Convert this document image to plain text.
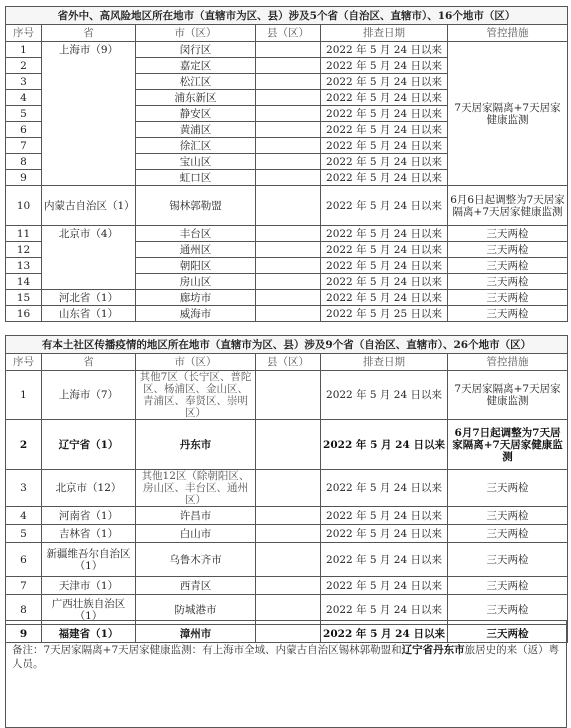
省外中、高风险地区所在地市（直辖市为区、县）涉及5个省（自治区、直辖市）、16个地市（区）					
序号	省	市（区）	县（区）	排查日期	管控措施
1	上海市（9）	闵行区		2022 年 5 月 24 日以来	7天居家隔离+7天居家健康监测
2		嘉定区		2022 年 5 月 24 日以来	
3		松江区		2022 年 5 月 24 日以来	
4		浦东新区		2022 年 5 月 24 日以来	
5		静安区		2022 年 5 月 24 日以来	
6		黄浦区		2022 年 5 月 24 日以来	
7		徐汇区		2022 年 5 月 24 日以来	
8		宝山区		2022 年 5 月 24 日以来	
9		虹口区		2022 年 5 月 24 日以来	
10	内蒙古自治区（1）	锡林郭勒盟		2022 年 5 月 24 日以来	6月6日起调整为7天居家隔离+7天居家健康监测
11	北京市（4）	丰台区		2022 年 5 月 24 日以来	三天两检
12		通州区		2022 年 5 月 24 日以来	三天两检
13		朝阳区		2022 年 5 月 24 日以来	三天两检
14		房山区		2022 年 5 月 24 日以来	三天两检
15	河北省（1）	廊坊市		2022 年 5 月 24 日以来	三天两检
16	山东省（1）	威海市		2022 年 5 月 25 日以来	三天两检
有本土社区传播疫情的地区所在地市（直辖市为区、县）涉及9个省（自治区、直辖市）、26个地市（区）					
序号	省	市（区）	县（区）	排查日期	管控措施
1	上海市（7）	其他7区（长宁区、普陀区、杨浦区、金山区、青浦区、奉贤区、崇明区）		2022 年 5 月 24 日以来	7天居家隔离+7天居家健康监测
2	辽宁省（1）	丹东市		2022 年 5 月 24 日以来	6月7日起调整为7天居家隔离+7天居家健康监测
3	北京市（12）	其他12区（除朝阳区、房山区、丰台区、通州区）		2022 年 5 月 24 日以来	三天两检
4	河南省（1）	许昌市		2022 年 5 月 24 日以来	三天两检
5	吉林省（1）	白山市		2022 年 5 月 24 日以来	三天两检
6	新疆维吾尔自治区（1）	乌鲁木齐市		2022 年 5 月 24 日以来	三天两检
7	天津市（1）	西青区		2022 年 5 月 24 日以来	三天两检
8	广西壮族自治区（1）	防城港市		2022 年 5 月 24 日以来	三天两检
9	福建省（1）	漳州市		2022 年 5 月 24 日以来	三天两检
备注：7天居家隔离+7天居家健康监测：有上海市全域、内蒙古自治区锡林郭勒盟和辽宁省丹东市旅居史的来（返）粤人员。
